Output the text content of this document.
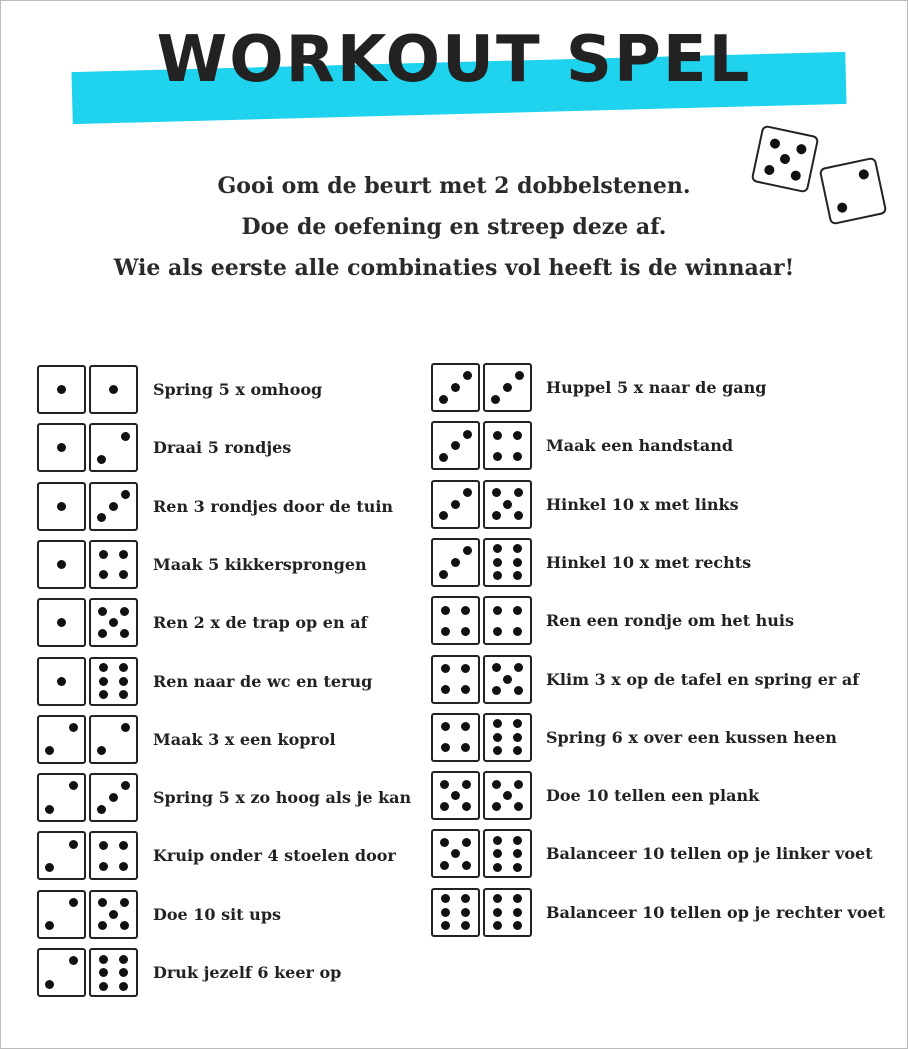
WORKOUT SPEL
Gooi om de beurt met 2 dobbelstenen.
Doe de oefening en streep deze af.
Wie als eerste alle combinaties vol heeft is de winnaar!
Spring 5 x omhoog
Draai 5 rondjes
Ren 3 rondjes door de tuin
Maak 5 kikkersprongen
Ren 2 x de trap op en af
Ren naar de wc en terug
Maak 3 x een koprol
Spring 5 x zo hoog als je kan
Kruip onder 4 stoelen door
Doe 10 sit ups
Druk jezelf 6 keer op
Huppel 5 x naar de gang
Maak een handstand
Hinkel 10 x met links
Hinkel 10 x met rechts
Ren een rondje om het huis
Klim 3 x op de tafel en spring er af
Spring 6 x over een kussen heen
Doe 10 tellen een plank
Balanceer 10 tellen op je linker voet
Balanceer 10 tellen op je rechter voet
